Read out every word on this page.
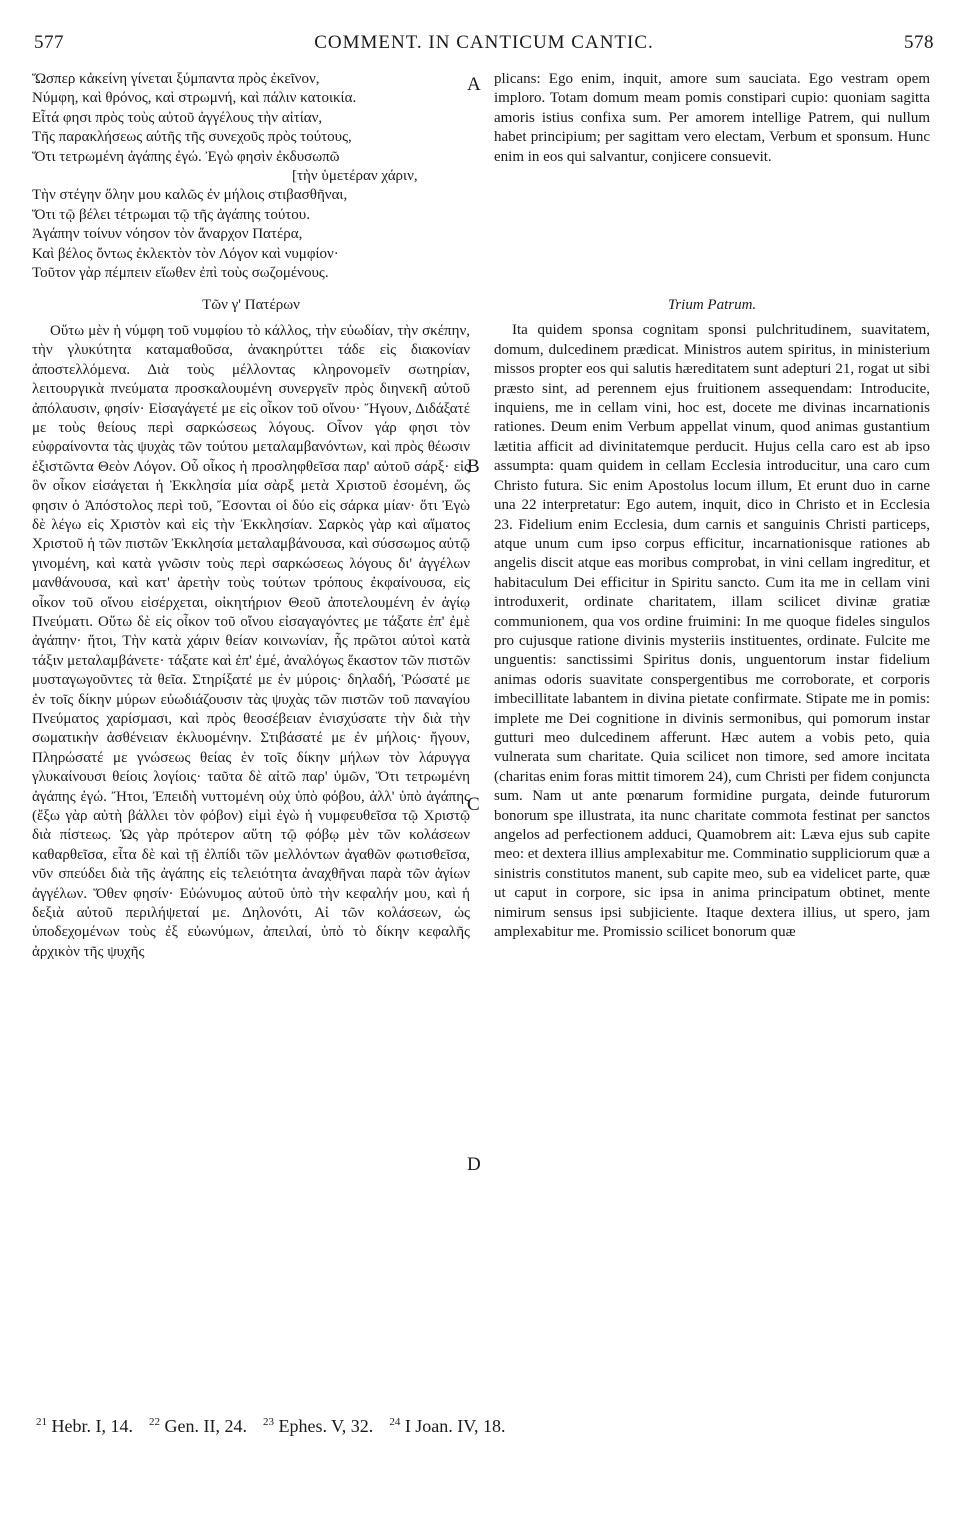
577	COMMENT. IN CANTICUM CANTIC.	578
Ὥσπερ κἀκείνη γίνεται ξύμπαντα πρὸς ἐκεῖνον,
Νύμφη, καὶ θρόνος, καὶ στρωμνή, καὶ πάλιν κατοικία.
Εἶτά φησι πρὸς τοὺς αὐτοῦ ἀγγέλους τὴν αἰτίαν,
Τῆς παρακλήσεως αὐτῆς τῆς συνεχοῦς πρὸς τούτους,
Ὅτι τετρωμένη ἀγάπης ἐγώ. Ἐγὼ φησὶν ἐκδυσωπῶ
[τὴν ὑμετέραν χάριν,
Τὴν στέγην ὅλην μου καλῶς ἐν μήλοις στιβασθῆναι,
Ὅτι τῷ βέλει τέτρωμαι τῷ τῆς ἀγάπης τούτου.
Ἀγάπην τοίνυν νόησον τὸν ἄναρχον Πατέρα,
Καὶ βέλος ὄντως ἐκλεκτὸν τὸν Λόγον καὶ νυμφίον·
Τοῦτον γὰρ πέμπειν εἴωθεν ἐπὶ τοὺς σωζομένους.
Τῶν γ' Πατέρων

Οὕτω μὲν ἡ νύμφη τοῦ νυμφίου τὸ κάλλος, τὴν εὐωδίαν, τὴν σκέπην, τὴν γλυκύτητα καταμαθοῦσα, ἀνακηρύττει τάδε εἰς διακονίαν ἀποστελλόμενα. Διὰ τοὺς μέλλοντας κληρονομεῖν σωτηρίαν, λειτουργικὰ πνεύματα προσκαλουμένη συνεργεῖν πρὸς διηνεκῆ αὐτοῦ ἀπόλαυσιν, φησίν· Εἰσαγάγετέ με εἰς οἶκον τοῦ οἴνου· Ἤγουν, Διδάξατέ με τοὺς θείους περὶ σαρκώσεως λόγους. Οἶνον γάρ φησι τὸν εὐφραίνοντα τὰς ψυχὰς τῶν τούτου μεταλαμβανόντων, καὶ πρὸς θέωσιν ἐξιστῶντα Θεὸν Λόγον. Οὗ οἶκος ἡ προσληφθεῖσα παρ' αὐτοῦ σάρξ· εἰς ὃν οἶκον εἰσάγεται ἡ Ἐκκλησία μία σὰρξ μετὰ Χριστοῦ ἐσομένη, ὥς φησιν ὁ Ἀπόστολος περὶ τοῦ, Ἔσονται οἱ δύο εἰς σάρκα μίαν· ὅτι Ἐγὼ δὲ λέγω εἰς Χριστὸν καὶ εἰς τὴν Ἐκκλησίαν. Σαρκὸς γὰρ καὶ αἵματος Χριστοῦ ἡ τῶν πιστῶν Ἐκκλησία μεταλαμβάνουσα, καὶ σύσσωμος αὐτῷ γινομένη, καὶ κατὰ γνῶσιν τοὺς περὶ σαρκώσεως λόγους δι' ἀγγέλων μανθάνουσα, καὶ κατ' ἀρετὴν τοὺς τούτων τρόπους ἐκφαίνουσα, εἰς οἶκον τοῦ οἴνου εἰσέρχεται, οἰκητήριον Θεοῦ ἀποτελουμένη ἐν ἁγίῳ Πνεύματι. Οὕτω δὲ εἰς οἶκον τοῦ οἴνου εἰσαγαγόντες με τάξατε ἐπ' ἐμὲ ἀγάπην· ἤτοι, Τὴν κατὰ χάριν θείαν κοινωνίαν, ἧς πρῶτοι αὐτοὶ κατὰ τάξιν μεταλαμβάνετε· τάξατε καὶ ἐπ' ἐμέ, ἀναλόγως ἕκαστον τῶν πιστῶν μυσταγωγοῦντες τὰ θεῖα. Στηρίξατέ με ἐν μύροις· δηλαδή, Ῥώσατέ με ἐν τοῖς δίκην μύρων εὐωδιάζουσιν τὰς ψυχὰς τῶν πιστῶν τοῦ παναγίου Πνεύματος χαρίσμασι, καὶ πρὸς θεοσέβειαν ἐνισχύσατε τὴν διὰ τὴν σωματικὴν ἀσθένειαν ἐκλυομένην. Στιβάσατέ με ἐν μήλοις· ἤγουν, Πληρώσατέ με γνώσεως θείας ἐν τοῖς δίκην μήλων τὸν λάρυγγα γλυκαίνουσι θείοις λογίοις· ταῦτα δὲ αἰτῶ παρ' ὑμῶν, Ὅτι τετρωμένη ἀγάπης ἐγώ. Ἤτοι, Ἐπειδὴ νυττομένη οὐχ ὑπὸ φόβου, ἀλλ' ὑπὸ ἀγάπης (ἔξω γὰρ αὐτὴ βάλλει τὸν φόβον) εἰμὶ ἐγὼ ἡ νυμφευθεῖσα τῷ Χριστῷ διὰ πίστεως. Ὡς γὰρ πρότερον αὕτη τῷ φόβῳ μὲν τῶν κολάσεων καθαρθεῖσα, εἶτα δὲ καὶ τῇ ἐλπίδι τῶν μελλόντων ἀγαθῶν φωτισθεῖσα, νῦν σπεύδει διὰ τῆς ἀγάπης εἰς τελειότητα ἀναχθῆναι παρὰ τῶν ἁγίων ἀγγέλων. Ὅθεν φησίν· Εὐώνυμος αὐτοῦ ὑπὸ τὴν κεφαλήν μου, καὶ ἡ δεξιὰ αὐτοῦ περιλήψεταί με. Δηλονότι, Αἱ τῶν κολάσεων, ὡς ὑποδεχομένων τοὺς ἐξ εὐωνύμων, ἀπειλαί, ὑπὸ τὸ δίκην κεφαλῆς ἀρχικὸν τῆς ψυχῆς

plicans: Ego enim, inquit, amore sum sauciata. Ego vestram opem imploro. Totam domum meam pomis constipari cupio: quoniam sagitta amoris istius confixa sum. Per amorem intellige Patrem, qui nullum habet principium; per sagittam vero electam, Verbum et sponsum. Hunc enim in eos qui salvantur, conjicere consuevit.

Trium Patrum.

Ita quidem sponsa cognitam sponsi pulchritudinem, suavitatem, domum, dulcedinem prædicat. Ministros autem spiritus, in ministerium missos propter eos qui salutis hæreditatem sunt adepturi 21, rogat ut sibi præsto sint, ad perennem ejus fruitionem assequendam: Introducite, inquiens, me in cellam vini, hoc est, docete me divinas incarnationis rationes. Deum enim Verbum appellat vinum, quod animas gustantium lætitia afficit ad divinitatemque perducit. Hujus cella caro est ab ipso assumpta: quam quidem in cellam Ecclesia introducitur, una caro cum Christo futura. Sic enim Apostolus locum illum, Et erunt duo in carne una 22 interpretatur: Ego autem, inquit, dico in Christo et in Ecclesia 23. Fidelium enim Ecclesia, dum carnis et sanguinis Christi particeps, atque unum cum ipso corpus efficitur, incarnationisque rationes ab angelis discit atque eas moribus comprobat, in vini cellam ingreditur, et habitaculum Dei efficitur in Spiritu sancto. Cum ita me in cellam vini introduxerit, ordinate charitatem, illam scilicet divinæ gratiæ communionem, qua vos ordine fruimini: In me quoque fideles singulos pro cujusque ratione divinis mysteriis instituentes, ordinate. Fulcite me unguentis: sanctissimi Spiritus donis, unguentorum instar fidelium animas odoris suavitate conspergentibus me corroborate, et corporis imbecillitate labantem in divina pietate confirmate. Stipate me in pomis: implete me Dei cognitione in divinis sermonibus, qui pomorum instar gutturi meo dulcedinem afferunt. Hæc autem a vobis peto, quia vulnerata sum charitate. Quia scilicet non timore, sed amore incitata (charitas enim foras mittit timorem 24), cum Christi per fidem conjuncta sum. Nam ut ante pœnarum formidine purgata, deinde futurorum bonorum spe illustrata, ita nunc charitate commota festinat per sanctos angelos ad perfectionem adduci, Quamobrem ait: Læva ejus sub capite meo: et dextera illius amplexabitur me. Comminatio suppliciorum quæ a sinistris constitutos manent, sub capite meo, sub ea videlicet parte, quæ ut caput in corpore, sic ipsa in anima principatum obtinet, mente nimirum sensus ipsi subjiciente. Itaque dextera illius, ut spero, jam amplexabitur me. Promissio scilicet bonorum quæ

A
B
C
D
$^{21}$ Hebr. I, 14. $^{22}$ Gen. II, 24. $^{23}$ Ephes. V, 32. $^{24}$ I Joan. IV, 18.
